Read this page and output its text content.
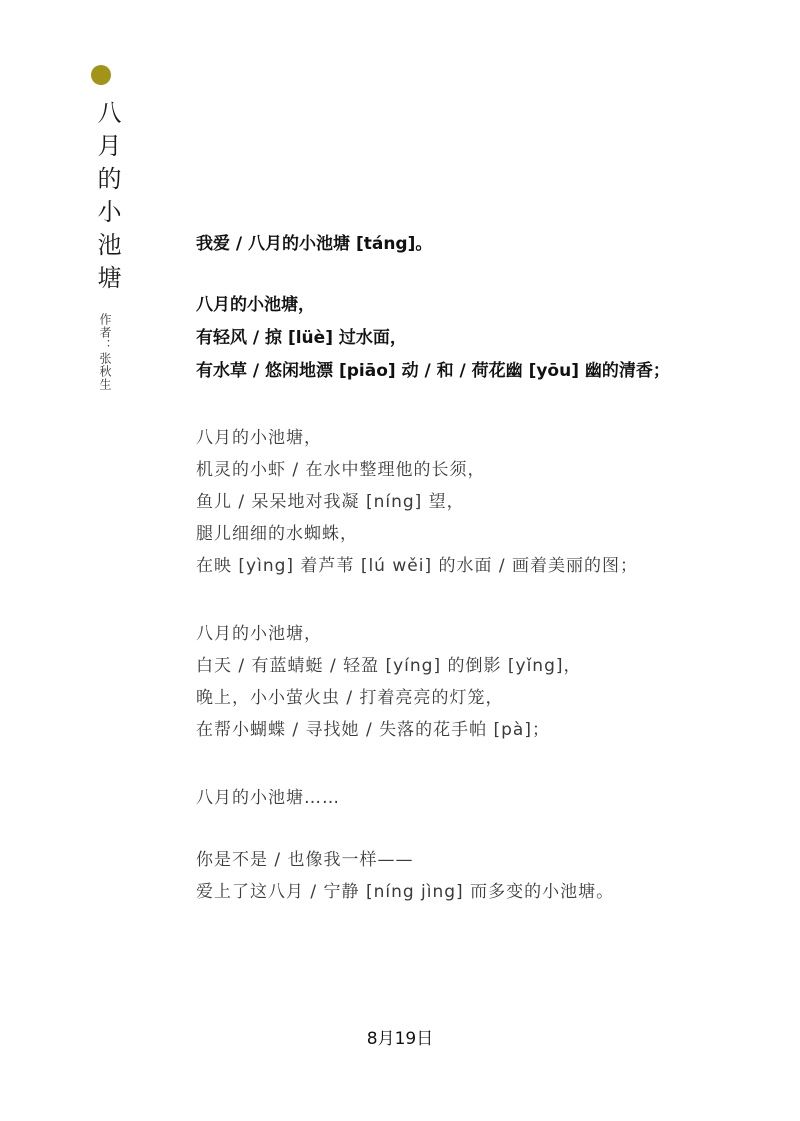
八月的小池塘
作者：张秋生
我爱 / 八月的小池塘 [táng]。
八月的小池塘，
有轻风 / 掠 [lüè] 过水面，
有水草 / 悠闲地漂 [piāo] 动 / 和 / 荷花幽 [yōu] 幽的清香；
八月的小池塘，
机灵的小虾 / 在水中整理他的长须，
鱼儿 / 呆呆地对我凝 [níng] 望，
腿儿细细的水蜘蛛，
在映 [yìng] 着芦苇 [lú wěi] 的水面 / 画着美丽的图；
八月的小池塘，
白天 / 有蓝蜻蜓 / 轻盈 [yíng] 的倒影 [yǐng]，
晚上，小小萤火虫 / 打着亮亮的灯笼，
在帮小蝴蝶 / 寻找她 / 失落的花手帕 [pà]；
八月的小池塘……
你是不是 / 也像我一样——
爱上了这八月 / 宁静 [níng jìng] 而多变的小池塘。
8月19日
